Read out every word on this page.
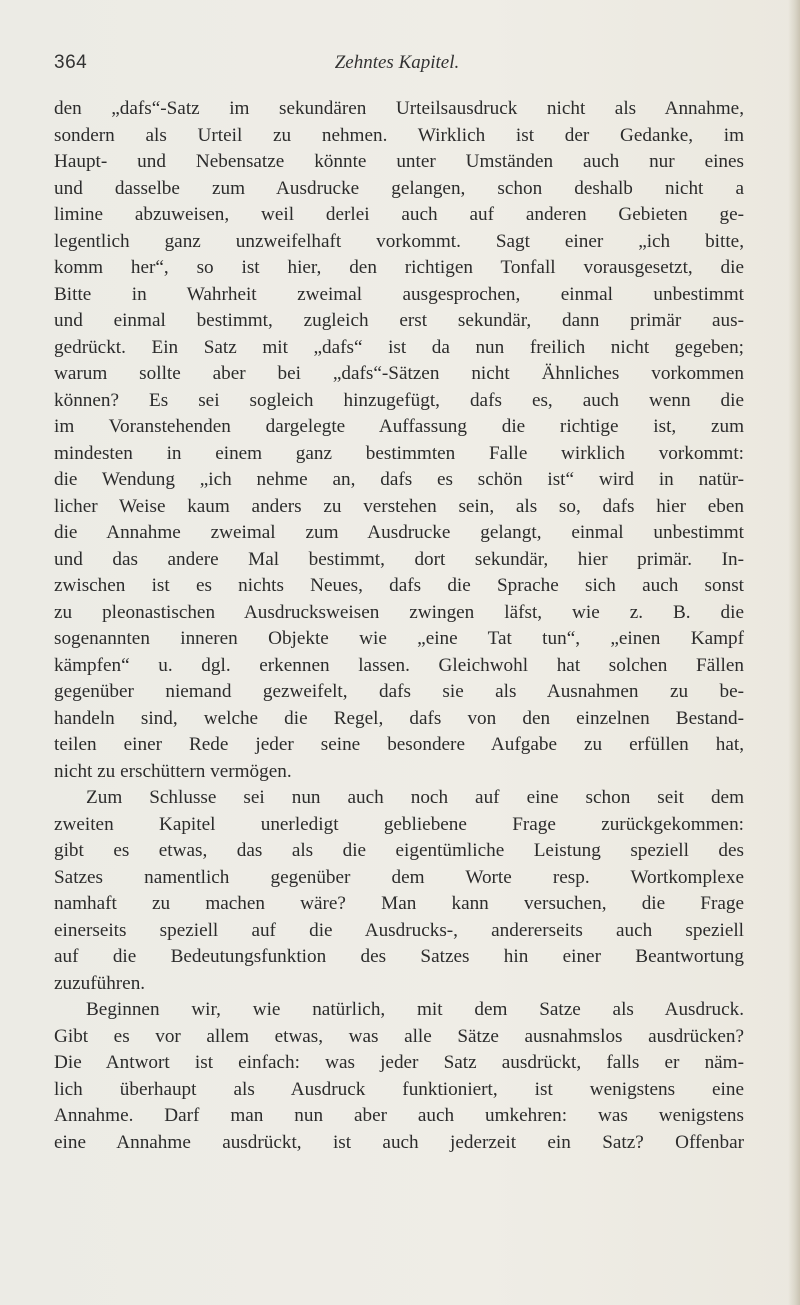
364	Zehntes Kapitel.
den „dafs“-Satz im sekundären Urteilsausdruck nicht als Annahme,
sondern als Urteil zu nehmen. Wirklich ist der Gedanke, im
Haupt- und Nebensatze könnte unter Umständen auch nur eines
und dasselbe zum Ausdrucke gelangen, schon deshalb nicht a
limine abzuweisen, weil derlei auch auf anderen Gebieten ge-
legentlich ganz unzweifelhaft vorkommt. Sagt einer „ich bitte,
komm her“, so ist hier, den richtigen Tonfall vorausgesetzt, die
Bitte in Wahrheit zweimal ausgesprochen, einmal unbestimmt
und einmal bestimmt, zugleich erst sekundär, dann primär aus-
gedrückt. Ein Satz mit „dafs“ ist da nun freilich nicht gegeben;
warum sollte aber bei „dafs“-Sätzen nicht Ähnliches vorkommen
können? Es sei sogleich hinzugefügt, dafs es, auch wenn die
im Voranstehenden dargelegte Auffassung die richtige ist, zum
mindesten in einem ganz bestimmten Falle wirklich vorkommt:
die Wendung „ich nehme an, dafs es schön ist“ wird in natür-
licher Weise kaum anders zu verstehen sein, als so, dafs hier eben
die Annahme zweimal zum Ausdrucke gelangt, einmal unbestimmt
und das andere Mal bestimmt, dort sekundär, hier primär. In-
zwischen ist es nichts Neues, dafs die Sprache sich auch sonst
zu pleonastischen Ausdrucksweisen zwingen läfst, wie z. B. die
sogenannten inneren Objekte wie „eine Tat tun“, „einen Kampf
kämpfen“ u. dgl. erkennen lassen. Gleichwohl hat solchen Fällen
gegenüber niemand gezweifelt, dafs sie als Ausnahmen zu be-
handeln sind, welche die Regel, dafs von den einzelnen Bestand-
teilen einer Rede jeder seine besondere Aufgabe zu erfüllen hat,
nicht zu erschüttern vermögen.
Zum Schlusse sei nun auch noch auf eine schon seit dem
zweiten Kapitel unerledigt gebliebene Frage zurückgekommen:
gibt es etwas, das als die eigentümliche Leistung speziell des
Satzes namentlich gegenüber dem Worte resp. Wortkomplexe
namhaft zu machen wäre? Man kann versuchen, die Frage
einerseits speziell auf die Ausdrucks-, andererseits auch speziell
auf die Bedeutungsfunktion des Satzes hin einer Beantwortung
zuzuführen.
Beginnen wir, wie natürlich, mit dem Satze als Ausdruck.
Gibt es vor allem etwas, was alle Sätze ausnahmslos ausdrücken?
Die Antwort ist einfach: was jeder Satz ausdrückt, falls er näm-
lich überhaupt als Ausdruck funktioniert, ist wenigstens eine
Annahme. Darf man nun aber auch umkehren: was wenigstens
eine Annahme ausdrückt, ist auch jederzeit ein Satz? Offenbar
